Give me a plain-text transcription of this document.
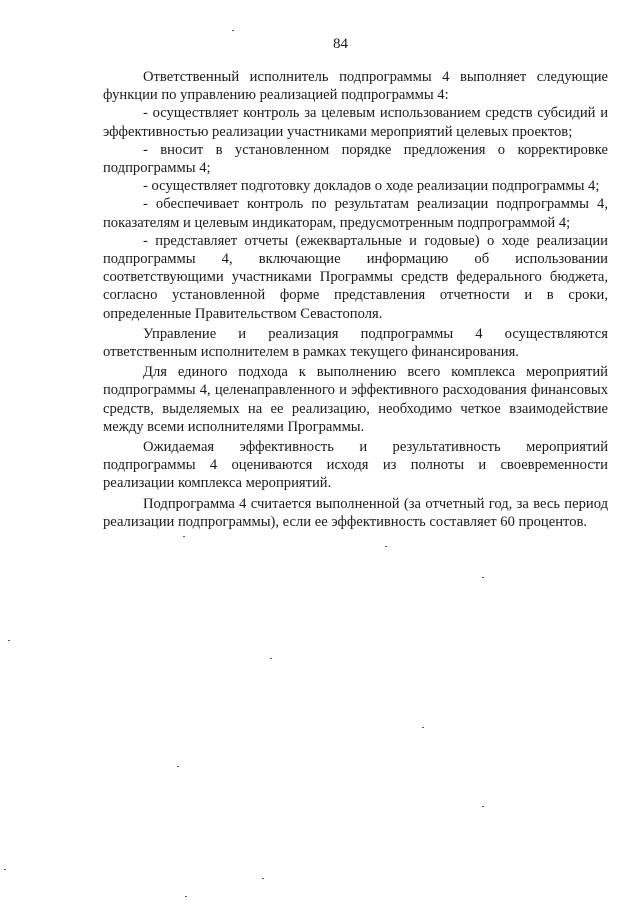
84

Ответственный исполнитель подпрограммы 4 выполняет следующие функции по управлению реализацией подпрограммы 4:

- осуществляет контроль за целевым использованием средств субсидий и эффективностью реализации участниками мероприятий целевых проектов;

- вносит в установленном порядке предложения о корректировке подпрограммы 4;

- осуществляет подготовку докладов о ходе реализации подпрограммы 4;

- обеспечивает контроль по результатам реализации подпрограммы 4, показателям и целевым индикаторам, предусмотренным подпрограммой 4;

- представляет отчеты (ежеквартальные и годовые) о ходе реализации подпрограммы 4, включающие информацию об использовании соответствующими участниками Программы средств федерального бюджета, согласно установленной форме представления отчетности и в сроки, определенные Правительством Севастополя.

Управление и реализация подпрограммы 4 осуществляются ответственным исполнителем в рамках текущего финансирования.

Для единого подхода к выполнению всего комплекса мероприятий подпрограммы 4, целенаправленного и эффективного расходования финансовых средств, выделяемых на ее реализацию, необходимо четкое взаимодействие между всеми исполнителями Программы.

Ожидаемая эффективность и результативность мероприятий подпрограммы 4 оцениваются исходя из полноты и своевременности реализации комплекса мероприятий.

Подпрограмма 4 считается выполненной (за отчетный год, за весь период реализации подпрограммы), если ее эффективность составляет 60 процентов.
